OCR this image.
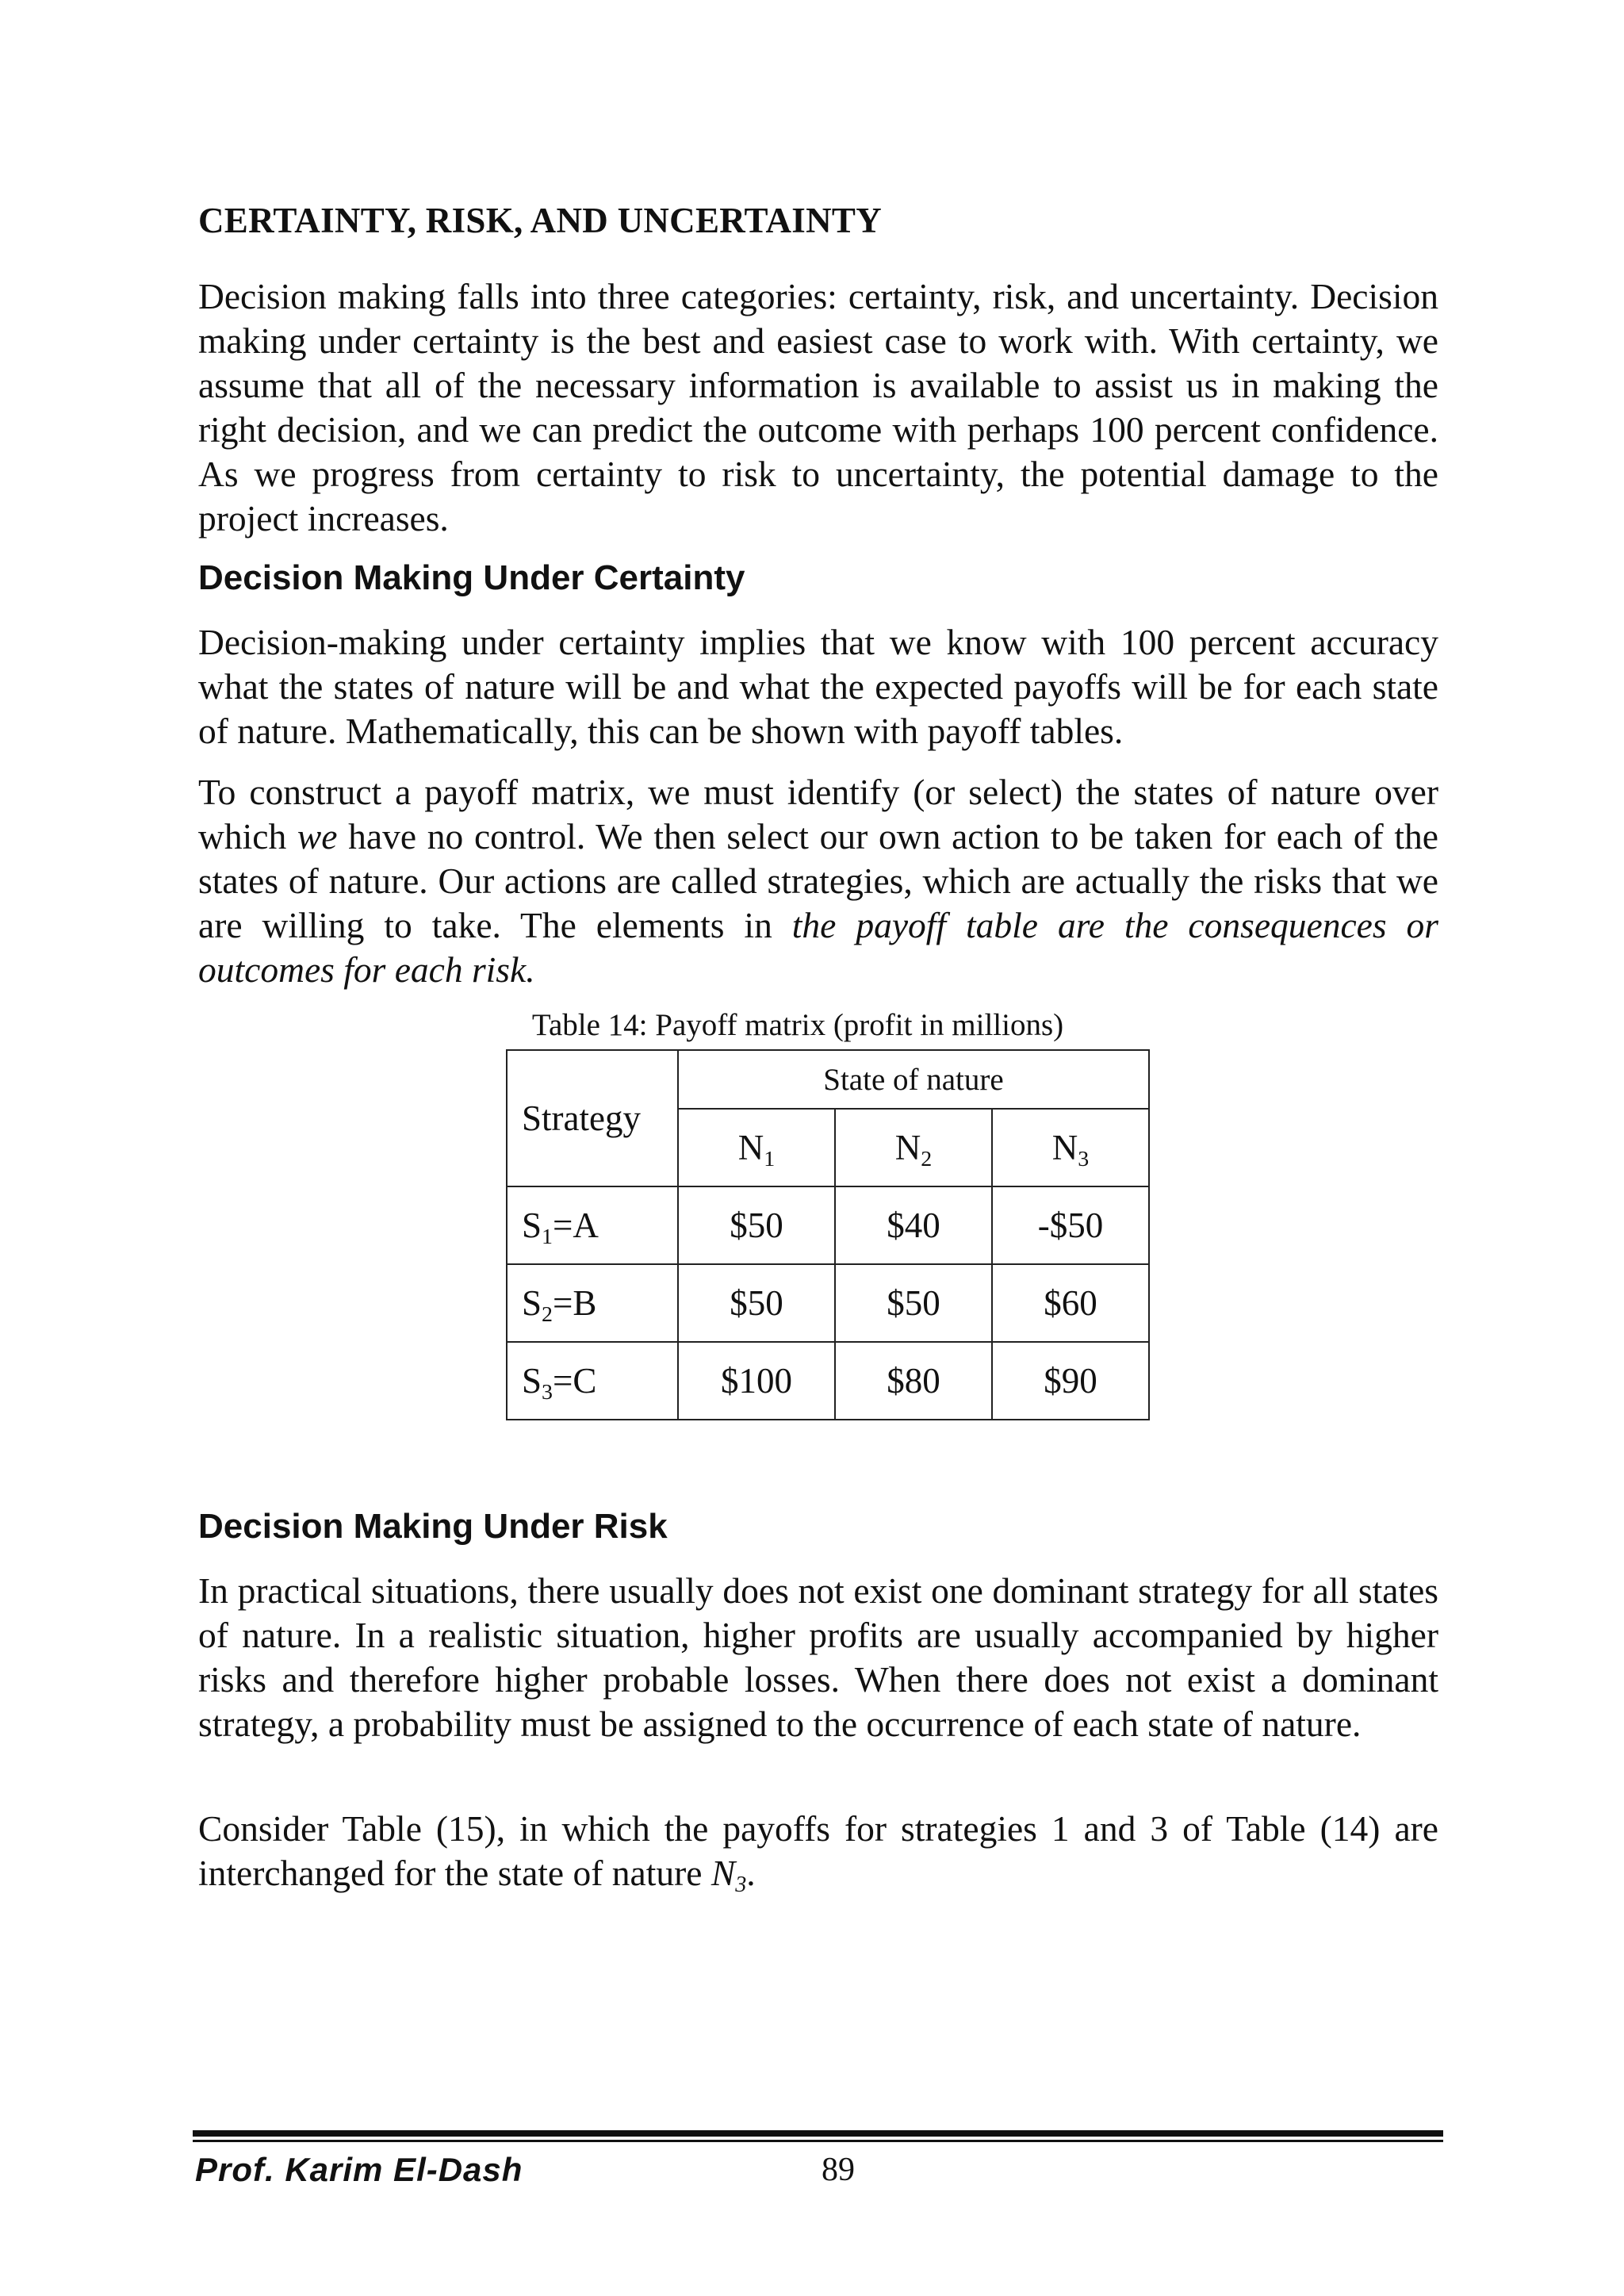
CERTAINTY, RISK, AND UNCERTAINTY

Decision making falls into three categories: certainty, risk, and uncertainty. Decision making under certainty is the best and easiest case to work with. With certainty, we assume that all of the necessary information is available to assist us in making the right decision, and we can predict the outcome with perhaps 100 percent confidence. As we progress from certainty to risk to uncertainty, the potential damage to the project increases.

Decision Making Under Certainty

Decision-making under certainty implies that we know with 100 percent accuracy what the states of nature will be and what the expected payoffs will be for each state of nature. Mathematically, this can be shown with payoff tables.

To construct a payoff matrix, we must identify (or select) the states of nature over which we have no control. We then select our own action to be taken for each of the states of nature. Our actions are called strategies, which are actually the risks that we are willing to take. The elements in the payoff table are the consequences or outcomes for each risk.

Table 14: Payoff matrix (profit in millions)

Strategy	State of nature		
	$N_1$	$N_2$	$N_3$
$S_1=A$	$50	$40	-$50
$S_2=B$	$50	$50	$60
$S_3=C$	$100	$80	$90
Decision Making Under Risk

In practical situations, there usually does not exist one dominant strategy for all states of nature. In a realistic situation, higher profits are usually accompanied by higher risks and therefore higher probable losses. When there does not exist a dominant strategy, a probability must be assigned to the occurrence of each state of nature.

Consider Table (15), in which the payoffs for strategies 1 and 3 of Table (14) are interchanged for the state of nature $N_3$.

Prof. Karim El-Dash	89
